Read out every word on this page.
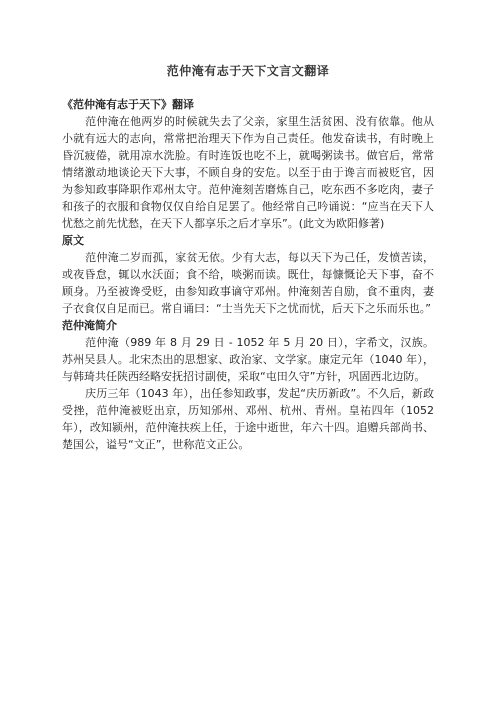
范仲淹有志于天下文言文翻译
《范仲淹有志于天下》翻译
范仲淹在他两岁的时候就失去了父亲，家里生活贫困、没有依靠。他从小就有远大的志向，常常把治理天下作为自己责任。他发奋读书，有时晚上昏沉疲倦，就用凉水洗脸。有时连饭也吃不上，就喝粥读书。做官后，常常情绪激动地谈论天下大事，不顾自身的安危。以至于由于谗言而被贬官，因为参知政事降职作邓州太守。范仲淹刻苦磨炼自己，吃东西不多吃肉，妻子和孩子的衣服和食物仅仅自给自足罢了。他经常自己吟诵说：“应当在天下人忧愁之前先忧愁，在天下人都享乐之后才享乐”。(此文为欧阳修著)
原文
范仲淹二岁而孤，家贫无依。少有大志，每以天下为己任，发愤苦读，或夜昏怠，辄以水沃面；食不给，啖粥而读。既仕，每慷慨论天下事，奋不顾身。乃至被谗受贬，由参知政事谪守邓州。仲淹刻苦自励，食不重肉，妻子衣食仅自足而已。常自诵曰：“士当先天下之忧而忧，后天下之乐而乐也。”
范仲淹简介
范仲淹（989 年 8 月 29 日 - 1052 年 5 月 20 日），字希文，汉族。苏州吴县人。北宋杰出的思想家、政治家、文学家。康定元年（1040 年），与韩琦共任陕西经略安抚招讨副使，采取“屯田久守”方针，巩固西北边防。
庆历三年（1043 年），出任参知政事，发起“庆历新政”。不久后，新政受挫，范仲淹被贬出京，历知邠州、邓州、杭州、青州。皇祐四年（1052 年），改知颍州，范仲淹扶疾上任，于途中逝世，年六十四。追赠兵部尚书、楚国公，谥号“文正”，世称范文正公。
